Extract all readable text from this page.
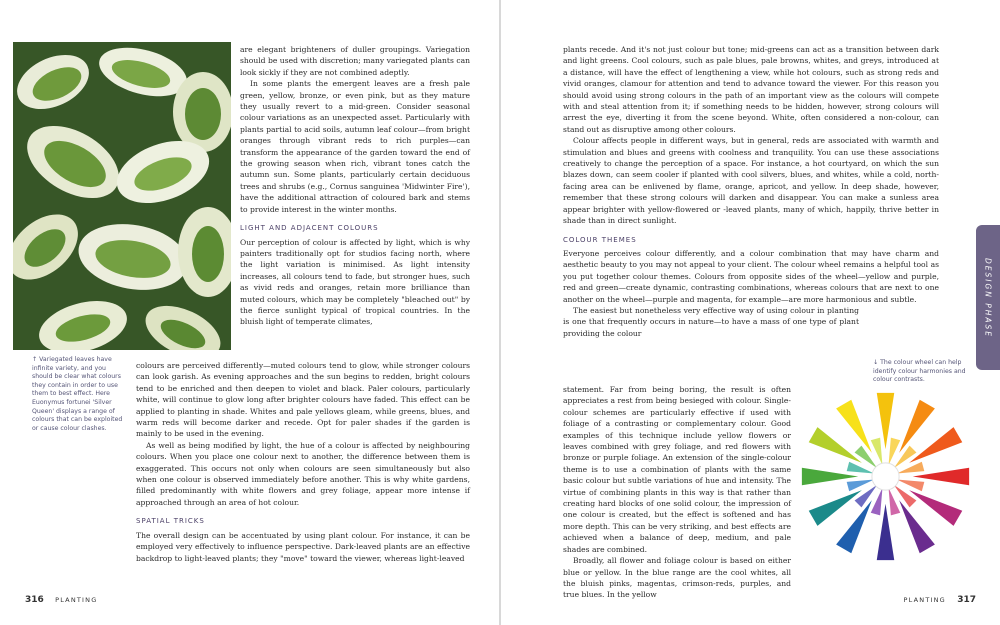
↑ Variegated leaves have infinite variety, and you should be clear what colours they contain in order to use them to best effect. Here Euonymus fortunei 'Silver Queen' displays a range of colours that can be exploited or cause colour clashes.

are elegant brighteners of duller groupings. Variegation should be used with discretion; many variegated plants can look sickly if they are not combined adeptly.

In some plants the emergent leaves are a fresh pale green, yellow, bronze, or even pink, but as they mature they usually revert to a mid-green. Consider seasonal colour variations as an unexpected asset. Particularly with plants partial to acid soils, autumn leaf colour—from bright oranges through vibrant reds to rich purples—can transform the appearance of the garden toward the end of the growing season when rich, vibrant tones catch the autumn sun. Some plants, particularly certain deciduous trees and shrubs (e.g., Cornus sanguinea 'Midwinter Fire'), have the additional attraction of coloured bark and stems to provide interest in the winter months.

LIGHT AND ADJACENT COLOURS

Our perception of colour is affected by light, which is why painters traditionally opt for studios facing north, where the light variation is minimised. As light intensity increases, all colours tend to fade, but stronger hues, such as vivid reds and oranges, retain more brilliance than muted colours, which may be completely "bleached out" by the fierce sunlight typical of tropical countries. In the bluish light of temperate climates,

colours are perceived differently—muted colours tend to glow, while stronger colours can look garish. As evening approaches and the sun begins to redden, bright colours tend to be enriched and then deepen to violet and black. Paler colours, particularly white, will continue to glow long after brighter colours have faded. This effect can be applied to planting in shade. Whites and pale yellows gleam, while greens, blues, and warm reds will become darker and recede. Opt for paler shades if the garden is mainly to be used in the evening.

As well as being modified by light, the hue of a colour is affected by neighbouring colours. When you place one colour next to another, the difference between them is exaggerated. This occurs not only when colours are seen simultaneously but also when one colour is observed immediately before another. This is why white gardens, filled predominantly with white flowers and grey foliage, appear more intense if approached through an area of hot colour.

SPATIAL TRICKS

The overall design can be accentuated by using plant colour. For instance, it can be employed very effectively to influence perspective. Dark-leaved plants are an effective backdrop to light-leaved plants; they "move" toward the viewer, whereas light-leaved

316 PLANTING

plants recede. And it's not just colour but tone; mid-greens can act as a transition between dark and light greens. Cool colours, such as pale blues, pale browns, whites, and greys, introduced at a distance, will have the effect of lengthening a view, while hot colours, such as strong reds and vivid oranges, clamour for attention and tend to advance toward the viewer. For this reason you should avoid using strong colours in the path of an important view as the colours will compete with and steal attention from it; if something needs to be hidden, however, strong colours will arrest the eye, diverting it from the scene beyond. White, often considered a non-colour, can stand out as disruptive among other colours.

Colour affects people in different ways, but in general, reds are associated with warmth and stimulation and blues and greens with coolness and tranquility. You can use these associations creatively to change the perception of a space. For instance, a hot courtyard, on which the sun blazes down, can seem cooler if planted with cool silvers, blues, and whites, while a cold, north-facing area can be enlivened by flame, orange, apricot, and yellow. In deep shade, however, remember that these strong colours will darken and disappear. You can make a sunless area appear brighter with yellow-flowered or -leaved plants, many of which, happily, thrive better in shade than in direct sunlight.

COLOUR THEMES

Everyone perceives colour differently, and a colour combination that may have charm and aesthetic beauty to you may not appeal to your client. The colour wheel remains a helpful tool as you put together colour themes. Colours from opposite sides of the wheel—yellow and purple, red and green—create dynamic, contrasting combinations, whereas colours that are next to one another on the wheel—purple and magenta, for example—are more harmonious and subtle.

The easiest but nonetheless very effective way of using colour in planting is one that frequently occurs in nature—to have a mass of one type of plant providing the colour

statement. Far from being boring, the result is often appreciates a rest from being besieged with colour. Single-colour schemes are particularly effective if used with foliage of a contrasting or complementary colour. Good examples of this technique include yellow flowers or leaves combined with grey foliage, and red flowers with bronze or purple foliage. An extension of the single-colour theme is to use a combination of plants with the same basic colour but subtle variations of hue and intensity. The virtue of combining plants in this way is that rather than creating hard blocks of one solid colour, the impression of one colour is created, but the effect is softened and has more depth. This can be very striking, and best effects are achieved when a balance of deep, medium, and pale shades are combined.

Broadly, all flower and foliage colour is based on either blue or yellow. In the blue range are the cool whites, all the bluish pinks, magentas, crimson-reds, purples, and true blues. In the yellow

↓ The colour wheel can help identify colour harmonies and colour contrasts.
DESIGN PHASE
PLANTING 317
